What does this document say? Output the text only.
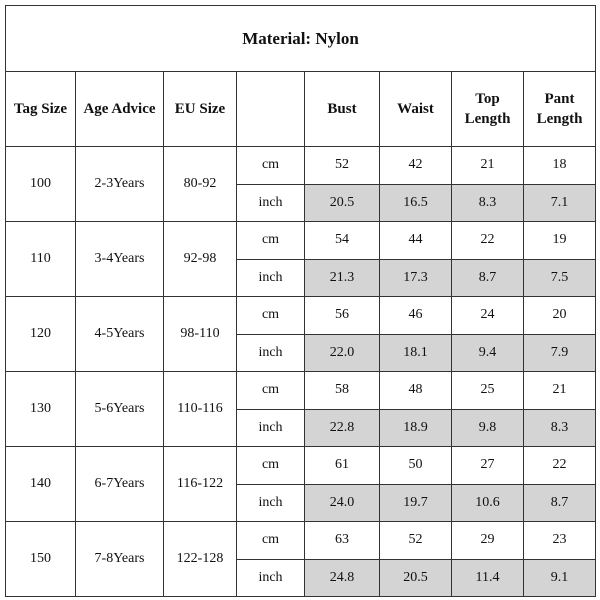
Material: Nylon							
Tag Size	Age Advice	EU Size		Bust	Waist	Top Length	Pant Length
100	2-3Years	80-92	cm	52	42	21	18
			inch	20.5	16.5	8.3	7.1
110	3-4Years	92-98	cm	54	44	22	19
			inch	21.3	17.3	8.7	7.5
120	4-5Years	98-110	cm	56	46	24	20
			inch	22.0	18.1	9.4	7.9
130	5-6Years	110-116	cm	58	48	25	21
			inch	22.8	18.9	9.8	8.3
140	6-7Years	116-122	cm	61	50	27	22
			inch	24.0	19.7	10.6	8.7
150	7-8Years	122-128	cm	63	52	29	23
			inch	24.8	20.5	11.4	9.1
